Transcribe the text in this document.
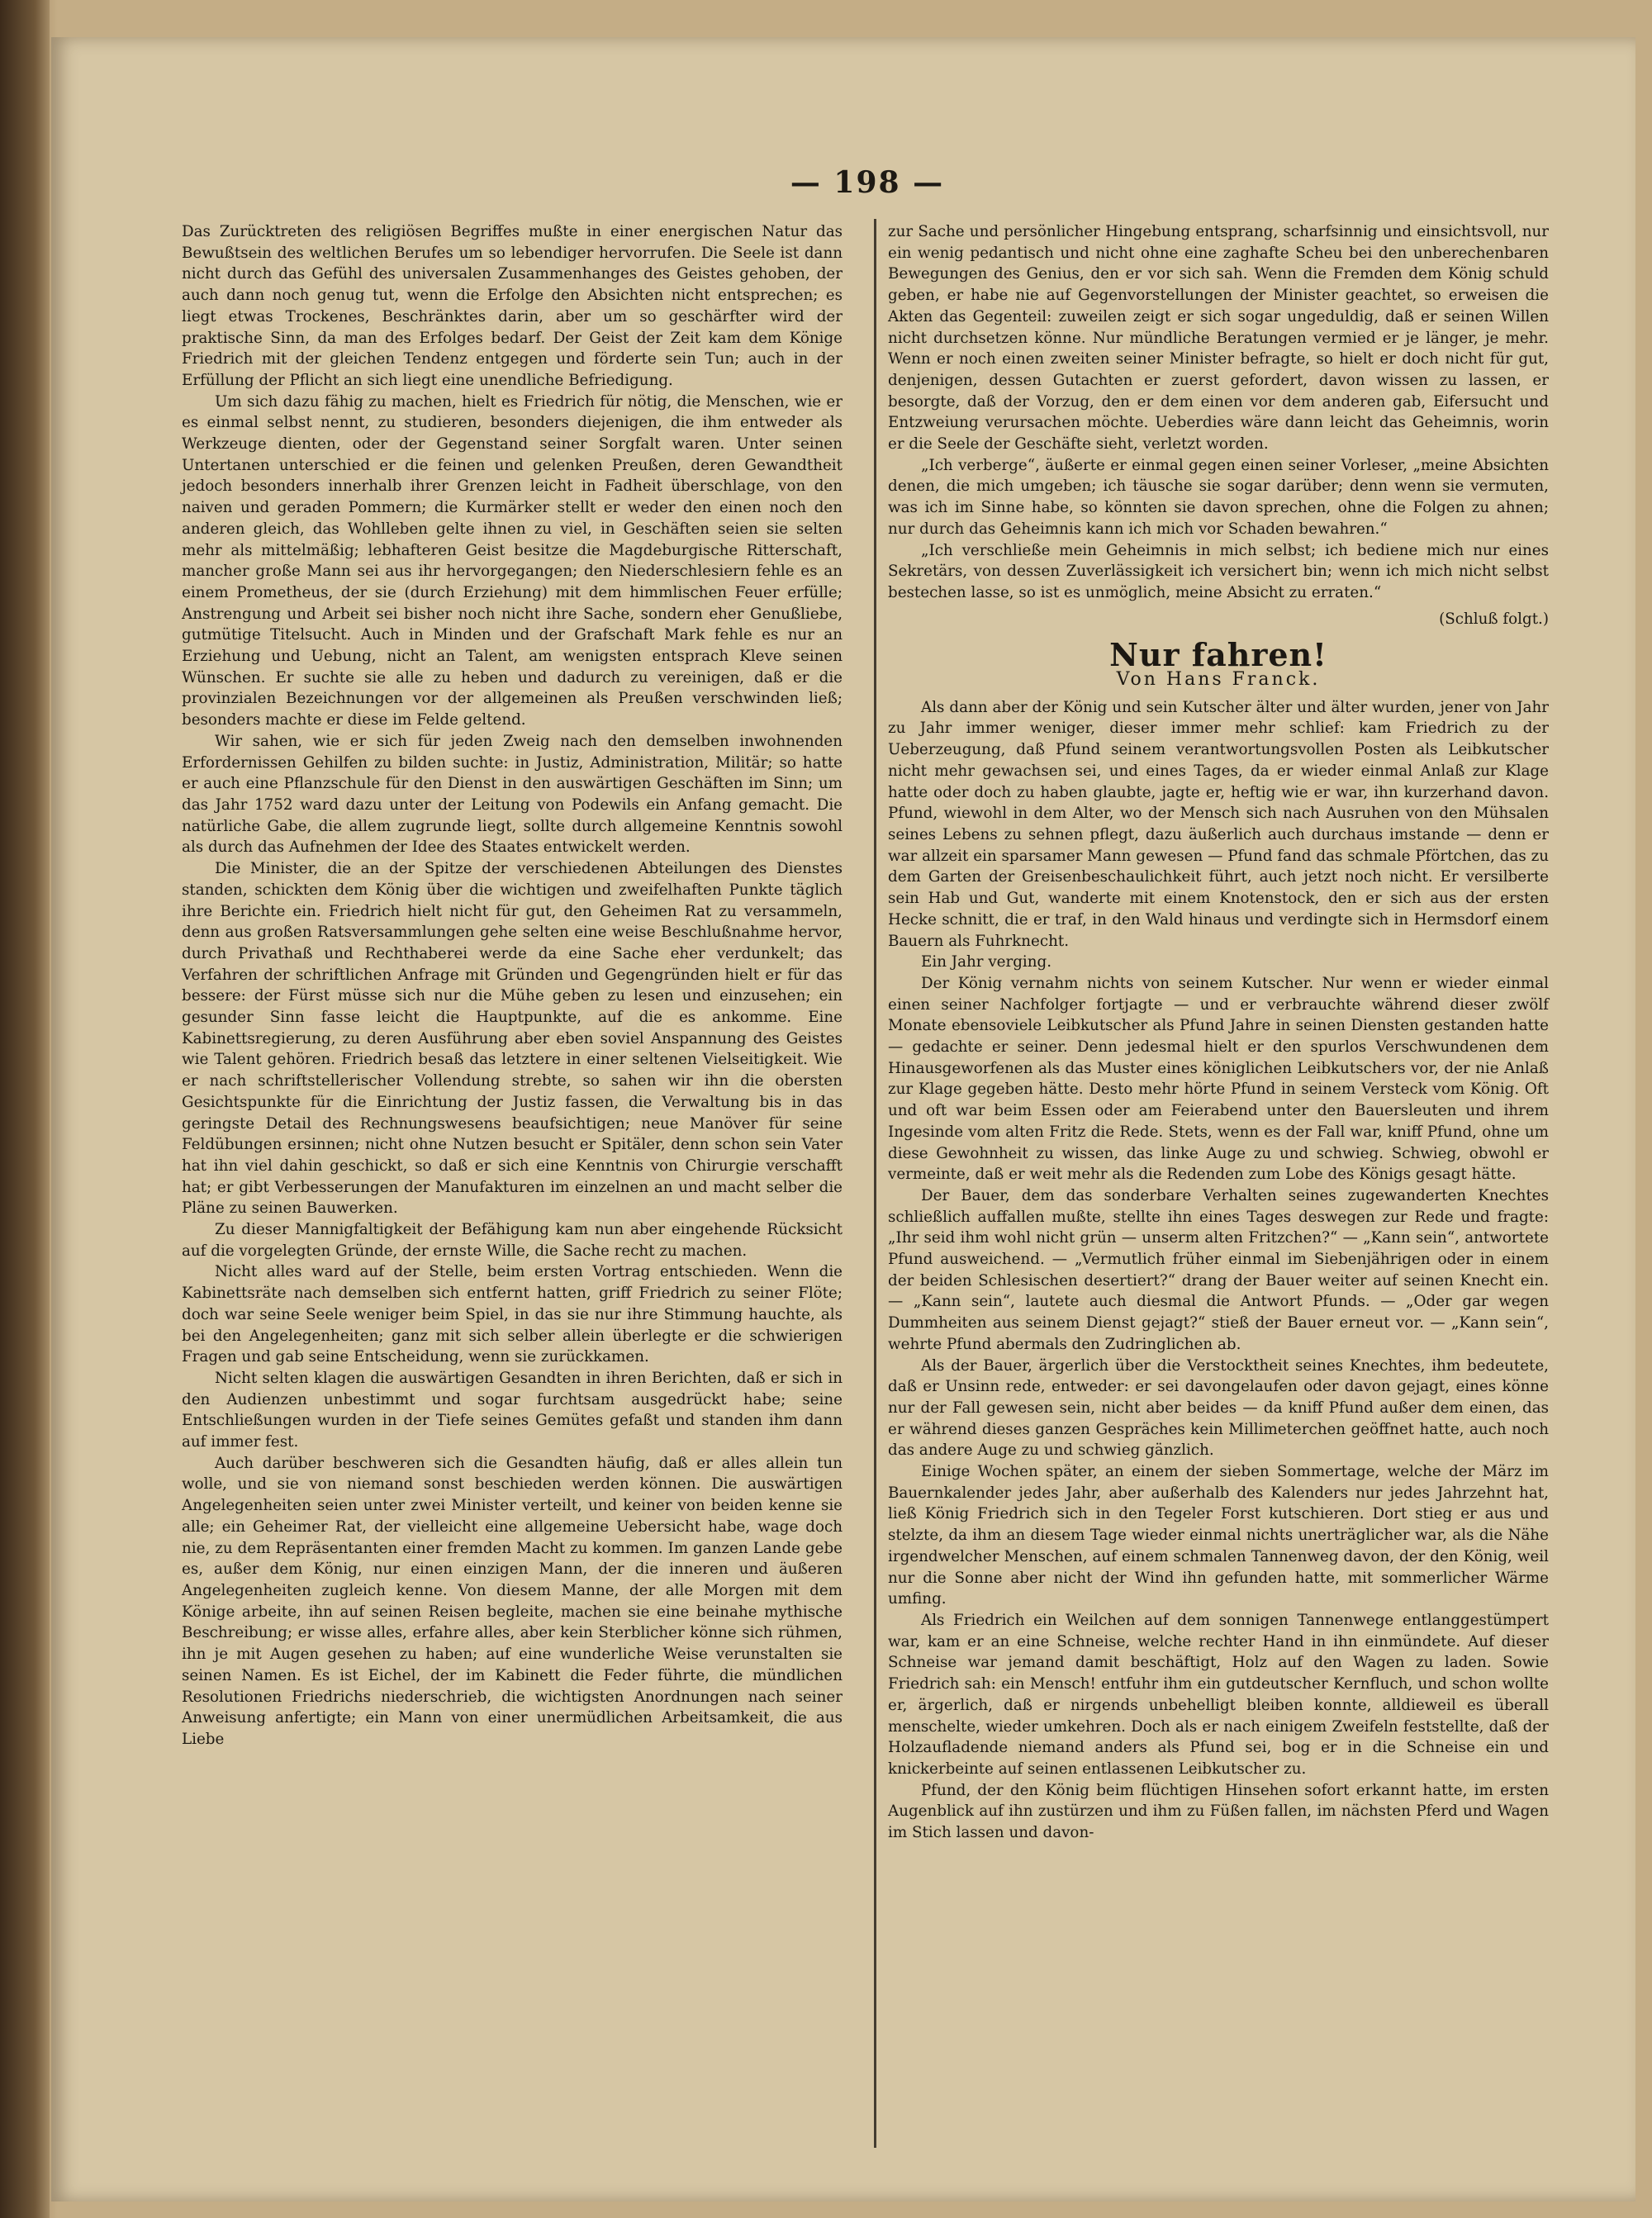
— 198 —

Das Zurücktreten des religiösen Begriffes mußte in einer energischen Natur das Bewußtsein des weltlichen Berufes um so lebendiger hervorrufen. Die Seele ist dann nicht durch das Gefühl des universalen Zusammenhanges des Geistes gehoben, der auch dann noch genug tut, wenn die Erfolge den Absichten nicht entsprechen; es liegt etwas Trockenes, Beschränktes darin, aber um so geschärfter wird der praktische Sinn, da man des Erfolges bedarf. Der Geist der Zeit kam dem Könige Friedrich mit der gleichen Tendenz entgegen und förderte sein Tun; auch in der Erfüllung der Pflicht an sich liegt eine unendliche Befriedigung.

Um sich dazu fähig zu machen, hielt es Friedrich für nötig, die Menschen, wie er es einmal selbst nennt, zu studieren, besonders diejenigen, die ihm entweder als Werkzeuge dienten, oder der Gegenstand seiner Sorgfalt waren. Unter seinen Untertanen unterschied er die feinen und gelenken Preußen, deren Gewandtheit jedoch besonders innerhalb ihrer Grenzen leicht in Fadheit überschlage, von den naiven und geraden Pommern; die Kurmärker stellt er weder den einen noch den anderen gleich, das Wohlleben gelte ihnen zu viel, in Geschäften seien sie selten mehr als mittelmäßig; lebhafteren Geist besitze die Magdeburgische Ritterschaft, mancher große Mann sei aus ihr hervorgegangen; den Niederschlesiern fehle es an einem Prometheus, der sie (durch Erziehung) mit dem himmlischen Feuer erfülle; Anstrengung und Arbeit sei bisher noch nicht ihre Sache, sondern eher Genußliebe, gutmütige Titelsucht. Auch in Minden und der Grafschaft Mark fehle es nur an Erziehung und Uebung, nicht an Talent, am wenigsten entsprach Kleve seinen Wünschen. Er suchte sie alle zu heben und dadurch zu vereinigen, daß er die provinzialen Bezeichnungen vor der allgemeinen als Preußen verschwinden ließ; besonders machte er diese im Felde geltend.

Wir sahen, wie er sich für jeden Zweig nach den demselben inwohnenden Erfordernissen Gehilfen zu bilden suchte: in Justiz, Administration, Militär; so hatte er auch eine Pflanzschule für den Dienst in den auswärtigen Geschäften im Sinn; um das Jahr 1752 ward dazu unter der Leitung von Podewils ein Anfang gemacht. Die natürliche Gabe, die allem zugrunde liegt, sollte durch allgemeine Kenntnis sowohl als durch das Aufnehmen der Idee des Staates entwickelt werden.

Die Minister, die an der Spitze der verschiedenen Abteilungen des Dienstes standen, schickten dem König über die wichtigen und zweifelhaften Punkte täglich ihre Berichte ein. Friedrich hielt nicht für gut, den Geheimen Rat zu versammeln, denn aus großen Ratsversammlungen gehe selten eine weise Beschlußnahme hervor, durch Privathaß und Rechthaberei werde da eine Sache eher verdunkelt; das Verfahren der schriftlichen Anfrage mit Gründen und Gegengründen hielt er für das bessere: der Fürst müsse sich nur die Mühe geben zu lesen und einzusehen; ein gesunder Sinn fasse leicht die Hauptpunkte, auf die es ankomme. Eine Kabinettsregierung, zu deren Ausführung aber eben soviel Anspannung des Geistes wie Talent gehören. Friedrich besaß das letztere in einer seltenen Vielseitigkeit. Wie er nach schriftstellerischer Vollendung strebte, so sahen wir ihn die obersten Gesichtspunkte für die Einrichtung der Justiz fassen, die Verwaltung bis in das geringste Detail des Rechnungswesens beaufsichtigen; neue Manöver für seine Feldübungen ersinnen; nicht ohne Nutzen besucht er Spitäler, denn schon sein Vater hat ihn viel dahin geschickt, so daß er sich eine Kenntnis von Chirurgie verschafft hat; er gibt Verbesserungen der Manufakturen im einzelnen an und macht selber die Pläne zu seinen Bauwerken.

Zu dieser Mannigfaltigkeit der Befähigung kam nun aber eingehende Rücksicht auf die vorgelegten Gründe, der ernste Wille, die Sache recht zu machen.

Nicht alles ward auf der Stelle, beim ersten Vortrag entschieden. Wenn die Kabinettsräte nach demselben sich entfernt hatten, griff Friedrich zu seiner Flöte; doch war seine Seele weniger beim Spiel, in das sie nur ihre Stimmung hauchte, als bei den Angelegenheiten; ganz mit sich selber allein überlegte er die schwierigen Fragen und gab seine Entscheidung, wenn sie zurückkamen.

Nicht selten klagen die auswärtigen Gesandten in ihren Berichten, daß er sich in den Audienzen unbestimmt und sogar furchtsam ausgedrückt habe; seine Entschließungen wurden in der Tiefe seines Gemütes gefaßt und standen ihm dann auf immer fest.

Auch darüber beschweren sich die Gesandten häufig, daß er alles allein tun wolle, und sie von niemand sonst beschieden werden können. Die auswärtigen Angelegenheiten seien unter zwei Minister verteilt, und keiner von beiden kenne sie alle; ein Geheimer Rat, der vielleicht eine allgemeine Uebersicht habe, wage doch nie, zu dem Repräsentanten einer fremden Macht zu kommen. Im ganzen Lande gebe es, außer dem König, nur einen einzigen Mann, der die inneren und äußeren Angelegenheiten zugleich kenne. Von diesem Manne, der alle Morgen mit dem Könige arbeite, ihn auf seinen Reisen begleite, machen sie eine beinahe mythische Beschreibung; er wisse alles, erfahre alles, aber kein Sterblicher könne sich rühmen, ihn je mit Augen gesehen zu haben; auf eine wunderliche Weise verunstalten sie seinen Namen. Es ist Eichel, der im Kabinett die Feder führte, die mündlichen Resolutionen Friedrichs niederschrieb, die wichtigsten Anordnungen nach seiner Anweisung anfertigte; ein Mann von einer unermüdlichen Arbeitsamkeit, die aus Liebe

zur Sache und persönlicher Hingebung entsprang, scharfsinnig und einsichtsvoll, nur ein wenig pedantisch und nicht ohne eine zaghafte Scheu bei den unberechenbaren Bewegungen des Genius, den er vor sich sah. Wenn die Fremden dem König schuld geben, er habe nie auf Gegenvorstellungen der Minister geachtet, so erweisen die Akten das Gegenteil: zuweilen zeigt er sich sogar ungeduldig, daß er seinen Willen nicht durchsetzen könne. Nur mündliche Beratungen vermied er je länger, je mehr. Wenn er noch einen zweiten seiner Minister befragte, so hielt er doch nicht für gut, denjenigen, dessen Gutachten er zuerst gefordert, davon wissen zu lassen, er besorgte, daß der Vorzug, den er dem einen vor dem anderen gab, Eifersucht und Entzweiung verursachen möchte. Ueberdies wäre dann leicht das Geheimnis, worin er die Seele der Geschäfte sieht, verletzt worden.

„Ich verberge“, äußerte er einmal gegen einen seiner Vorleser, „meine Absichten denen, die mich umgeben; ich täusche sie sogar darüber; denn wenn sie vermuten, was ich im Sinne habe, so könnten sie davon sprechen, ohne die Folgen zu ahnen; nur durch das Geheimnis kann ich mich vor Schaden bewahren.“

„Ich verschließe mein Geheimnis in mich selbst; ich bediene mich nur eines Sekretärs, von dessen Zuverlässigkeit ich versichert bin; wenn ich mich nicht selbst bestechen lasse, so ist es unmöglich, meine Absicht zu erraten.“

(Schluß folgt.)
Nur fahren!
Von Hans Franck.

Als dann aber der König und sein Kutscher älter und älter wurden, jener von Jahr zu Jahr immer weniger, dieser immer mehr schlief: kam Friedrich zu der Ueberzeugung, daß Pfund seinem verantwortungsvollen Posten als Leibkutscher nicht mehr gewachsen sei, und eines Tages, da er wieder einmal Anlaß zur Klage hatte oder doch zu haben glaubte, jagte er, heftig wie er war, ihn kurzerhand davon. Pfund, wiewohl in dem Alter, wo der Mensch sich nach Ausruhen von den Mühsalen seines Lebens zu sehnen pflegt, dazu äußerlich auch durchaus imstande — denn er war allzeit ein sparsamer Mann gewesen — Pfund fand das schmale Pförtchen, das zu dem Garten der Greisenbeschaulichkeit führt, auch jetzt noch nicht. Er versilberte sein Hab und Gut, wanderte mit einem Knotenstock, den er sich aus der ersten Hecke schnitt, die er traf, in den Wald hinaus und verdingte sich in Hermsdorf einem Bauern als Fuhrknecht.

Ein Jahr verging.

Der König vernahm nichts von seinem Kutscher. Nur wenn er wieder einmal einen seiner Nachfolger fortjagte — und er verbrauchte während dieser zwölf Monate ebensoviele Leibkutscher als Pfund Jahre in seinen Diensten gestanden hatte — gedachte er seiner. Denn jedesmal hielt er den spurlos Verschwundenen dem Hinausgeworfenen als das Muster eines königlichen Leibkutschers vor, der nie Anlaß zur Klage gegeben hätte. Desto mehr hörte Pfund in seinem Versteck vom König. Oft und oft war beim Essen oder am Feierabend unter den Bauersleuten und ihrem Ingesinde vom alten Fritz die Rede. Stets, wenn es der Fall war, kniff Pfund, ohne um diese Gewohnheit zu wissen, das linke Auge zu und schwieg. Schwieg, obwohl er vermeinte, daß er weit mehr als die Redenden zum Lobe des Königs gesagt hätte.

Der Bauer, dem das sonderbare Verhalten seines zugewanderten Knechtes schließlich auffallen mußte, stellte ihn eines Tages deswegen zur Rede und fragte: „Ihr seid ihm wohl nicht grün — unserm alten Fritzchen?“ — „Kann sein“, antwortete Pfund ausweichend. — „Vermutlich früher einmal im Siebenjährigen oder in einem der beiden Schlesischen desertiert?“ drang der Bauer weiter auf seinen Knecht ein. — „Kann sein“, lautete auch diesmal die Antwort Pfunds. — „Oder gar wegen Dummheiten aus seinem Dienst gejagt?“ stieß der Bauer erneut vor. — „Kann sein“, wehrte Pfund abermals den Zudringlichen ab.

Als der Bauer, ärgerlich über die Verstocktheit seines Knechtes, ihm bedeutete, daß er Unsinn rede, entweder: er sei davongelaufen oder davon gejagt, eines könne nur der Fall gewesen sein, nicht aber beides — da kniff Pfund außer dem einen, das er während dieses ganzen Gespräches kein Millimeterchen geöffnet hatte, auch noch das andere Auge zu und schwieg gänzlich.

Einige Wochen später, an einem der sieben Sommertage, welche der März im Bauernkalender jedes Jahr, aber außerhalb des Kalenders nur jedes Jahrzehnt hat, ließ König Friedrich sich in den Tegeler Forst kutschieren. Dort stieg er aus und stelzte, da ihm an diesem Tage wieder einmal nichts unerträglicher war, als die Nähe irgendwelcher Menschen, auf einem schmalen Tannenweg davon, der den König, weil nur die Sonne aber nicht der Wind ihn gefunden hatte, mit sommerlicher Wärme umfing.

Als Friedrich ein Weilchen auf dem sonnigen Tannenwege entlanggestümpert war, kam er an eine Schneise, welche rechter Hand in ihn einmündete. Auf dieser Schneise war jemand damit beschäftigt, Holz auf den Wagen zu laden. Sowie Friedrich sah: ein Mensch! entfuhr ihm ein gutdeutscher Kernfluch, und schon wollte er, ärgerlich, daß er nirgends unbehelligt bleiben konnte, alldieweil es überall menschelte, wieder umkehren. Doch als er nach einigem Zweifeln feststellte, daß der Holzaufladende niemand anders als Pfund sei, bog er in die Schneise ein und knickerbeinte auf seinen entlassenen Leibkutscher zu.

Pfund, der den König beim flüchtigen Hinsehen sofort erkannt hatte, im ersten Augenblick auf ihn zustürzen und ihm zu Füßen fallen, im nächsten Pferd und Wagen im Stich lassen und davon-
